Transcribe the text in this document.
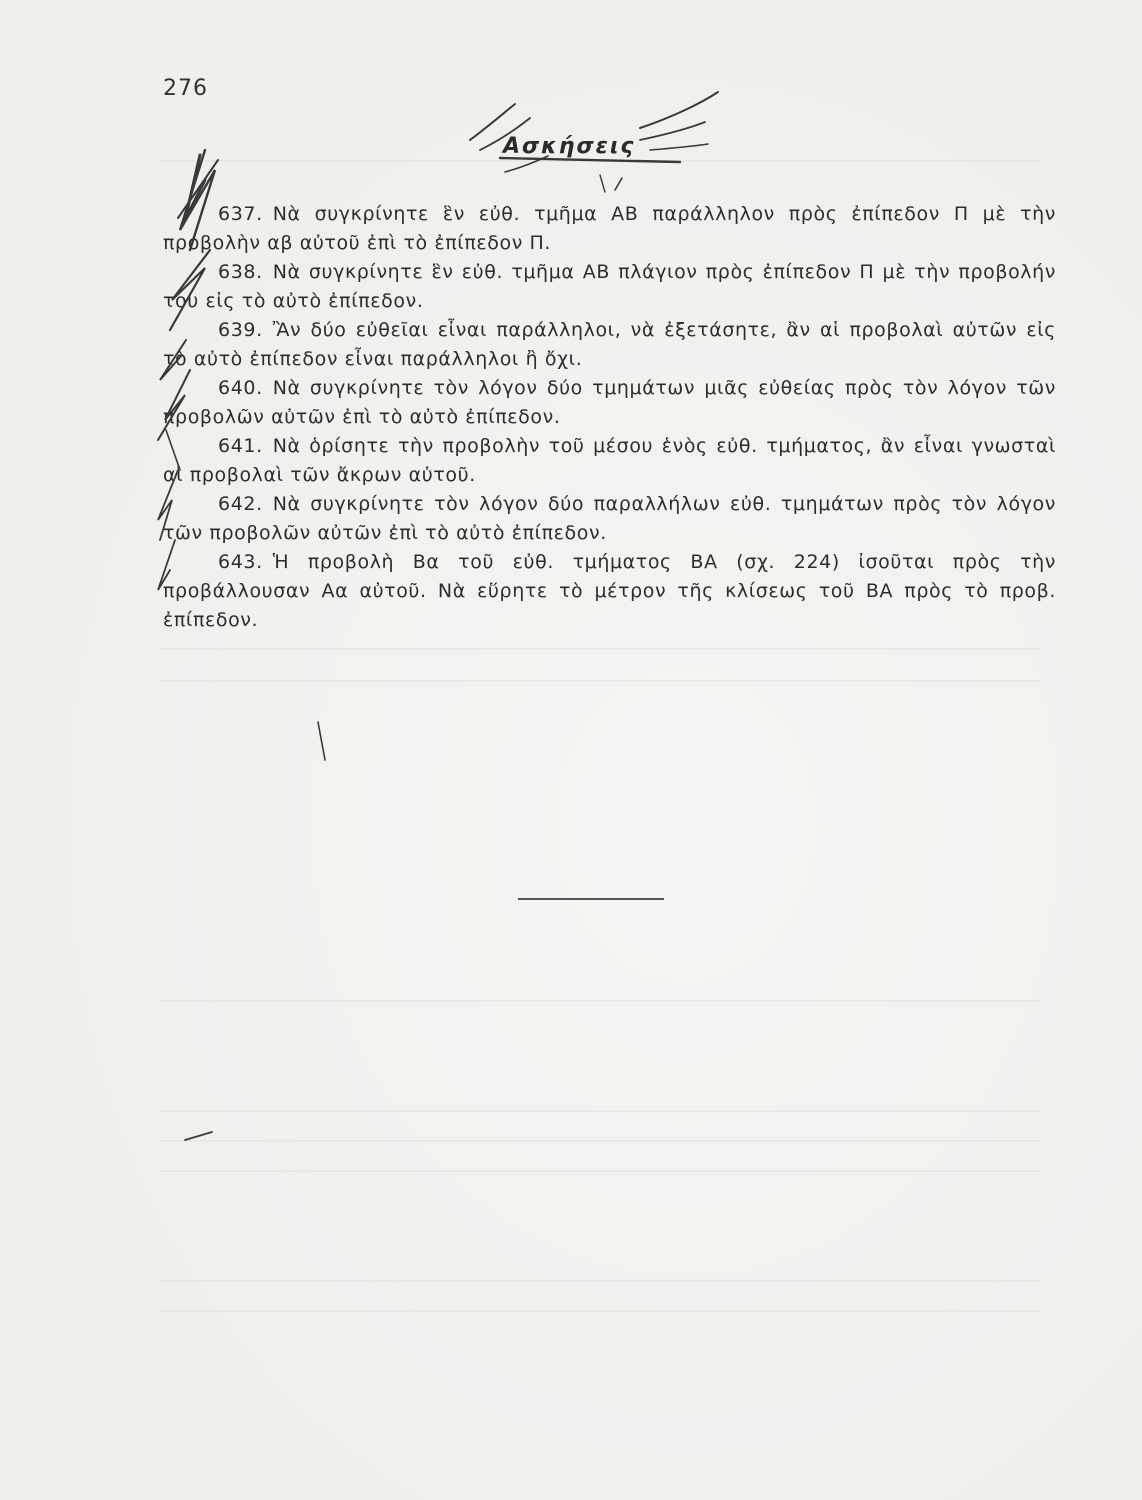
276
Ασκήσεις

637. Νὰ συγκρίνητε ἓν εὐθ. τμῆμα ΑΒ παράλληλον πρὸς ἐπίπεδον Π μὲ τὴν προβολὴν αβ αὐτοῦ ἐπὶ τὸ ἐπίπεδον Π.

638. Νὰ συγκρίνητε ἓν εὐθ. τμῆμα ΑΒ πλάγιον πρὸς ἐπίπεδον Π μὲ τὴν προβολήν του εἰς τὸ αὐτὸ ἐπίπεδον.

639. Ἂν δύο εὐθεῖαι εἶναι παράλληλοι, νὰ ἐξετάσητε, ἂν αἱ προβολαὶ αὐτῶν εἰς τὸ αὐτὸ ἐπίπεδον εἶναι παράλληλοι ἢ ὄχι.

640. Νὰ συγκρίνητε τὸν λόγον δύο τμημάτων μιᾶς εὐθείας πρὸς τὸν λόγον τῶν προβολῶν αὐτῶν ἐπὶ τὸ αὐτὸ ἐπίπεδον.

641. Νὰ ὁρίσητε τὴν προβολὴν τοῦ μέσου ἑνὸς εὐθ. τμήματος, ἂν εἶναι γνωσταὶ αἱ προβολαὶ τῶν ἄκρων αὐτοῦ.

642. Νὰ συγκρίνητε τὸν λόγον δύο παραλλήλων εὐθ. τμημάτων πρὸς τὸν λόγον τῶν προβολῶν αὐτῶν ἐπὶ τὸ αὐτὸ ἐπίπεδον.

643. Ἡ προβολὴ Βα τοῦ εὐθ. τμήματος ΒΑ (σχ. 224) ἰσοῦται πρὸς τὴν προβάλλουσαν Αα αὐτοῦ. Νὰ εὕρητε τὸ μέτρον τῆς κλίσεως τοῦ ΒΑ πρὸς τὸ προβ. ἐπίπεδον.
